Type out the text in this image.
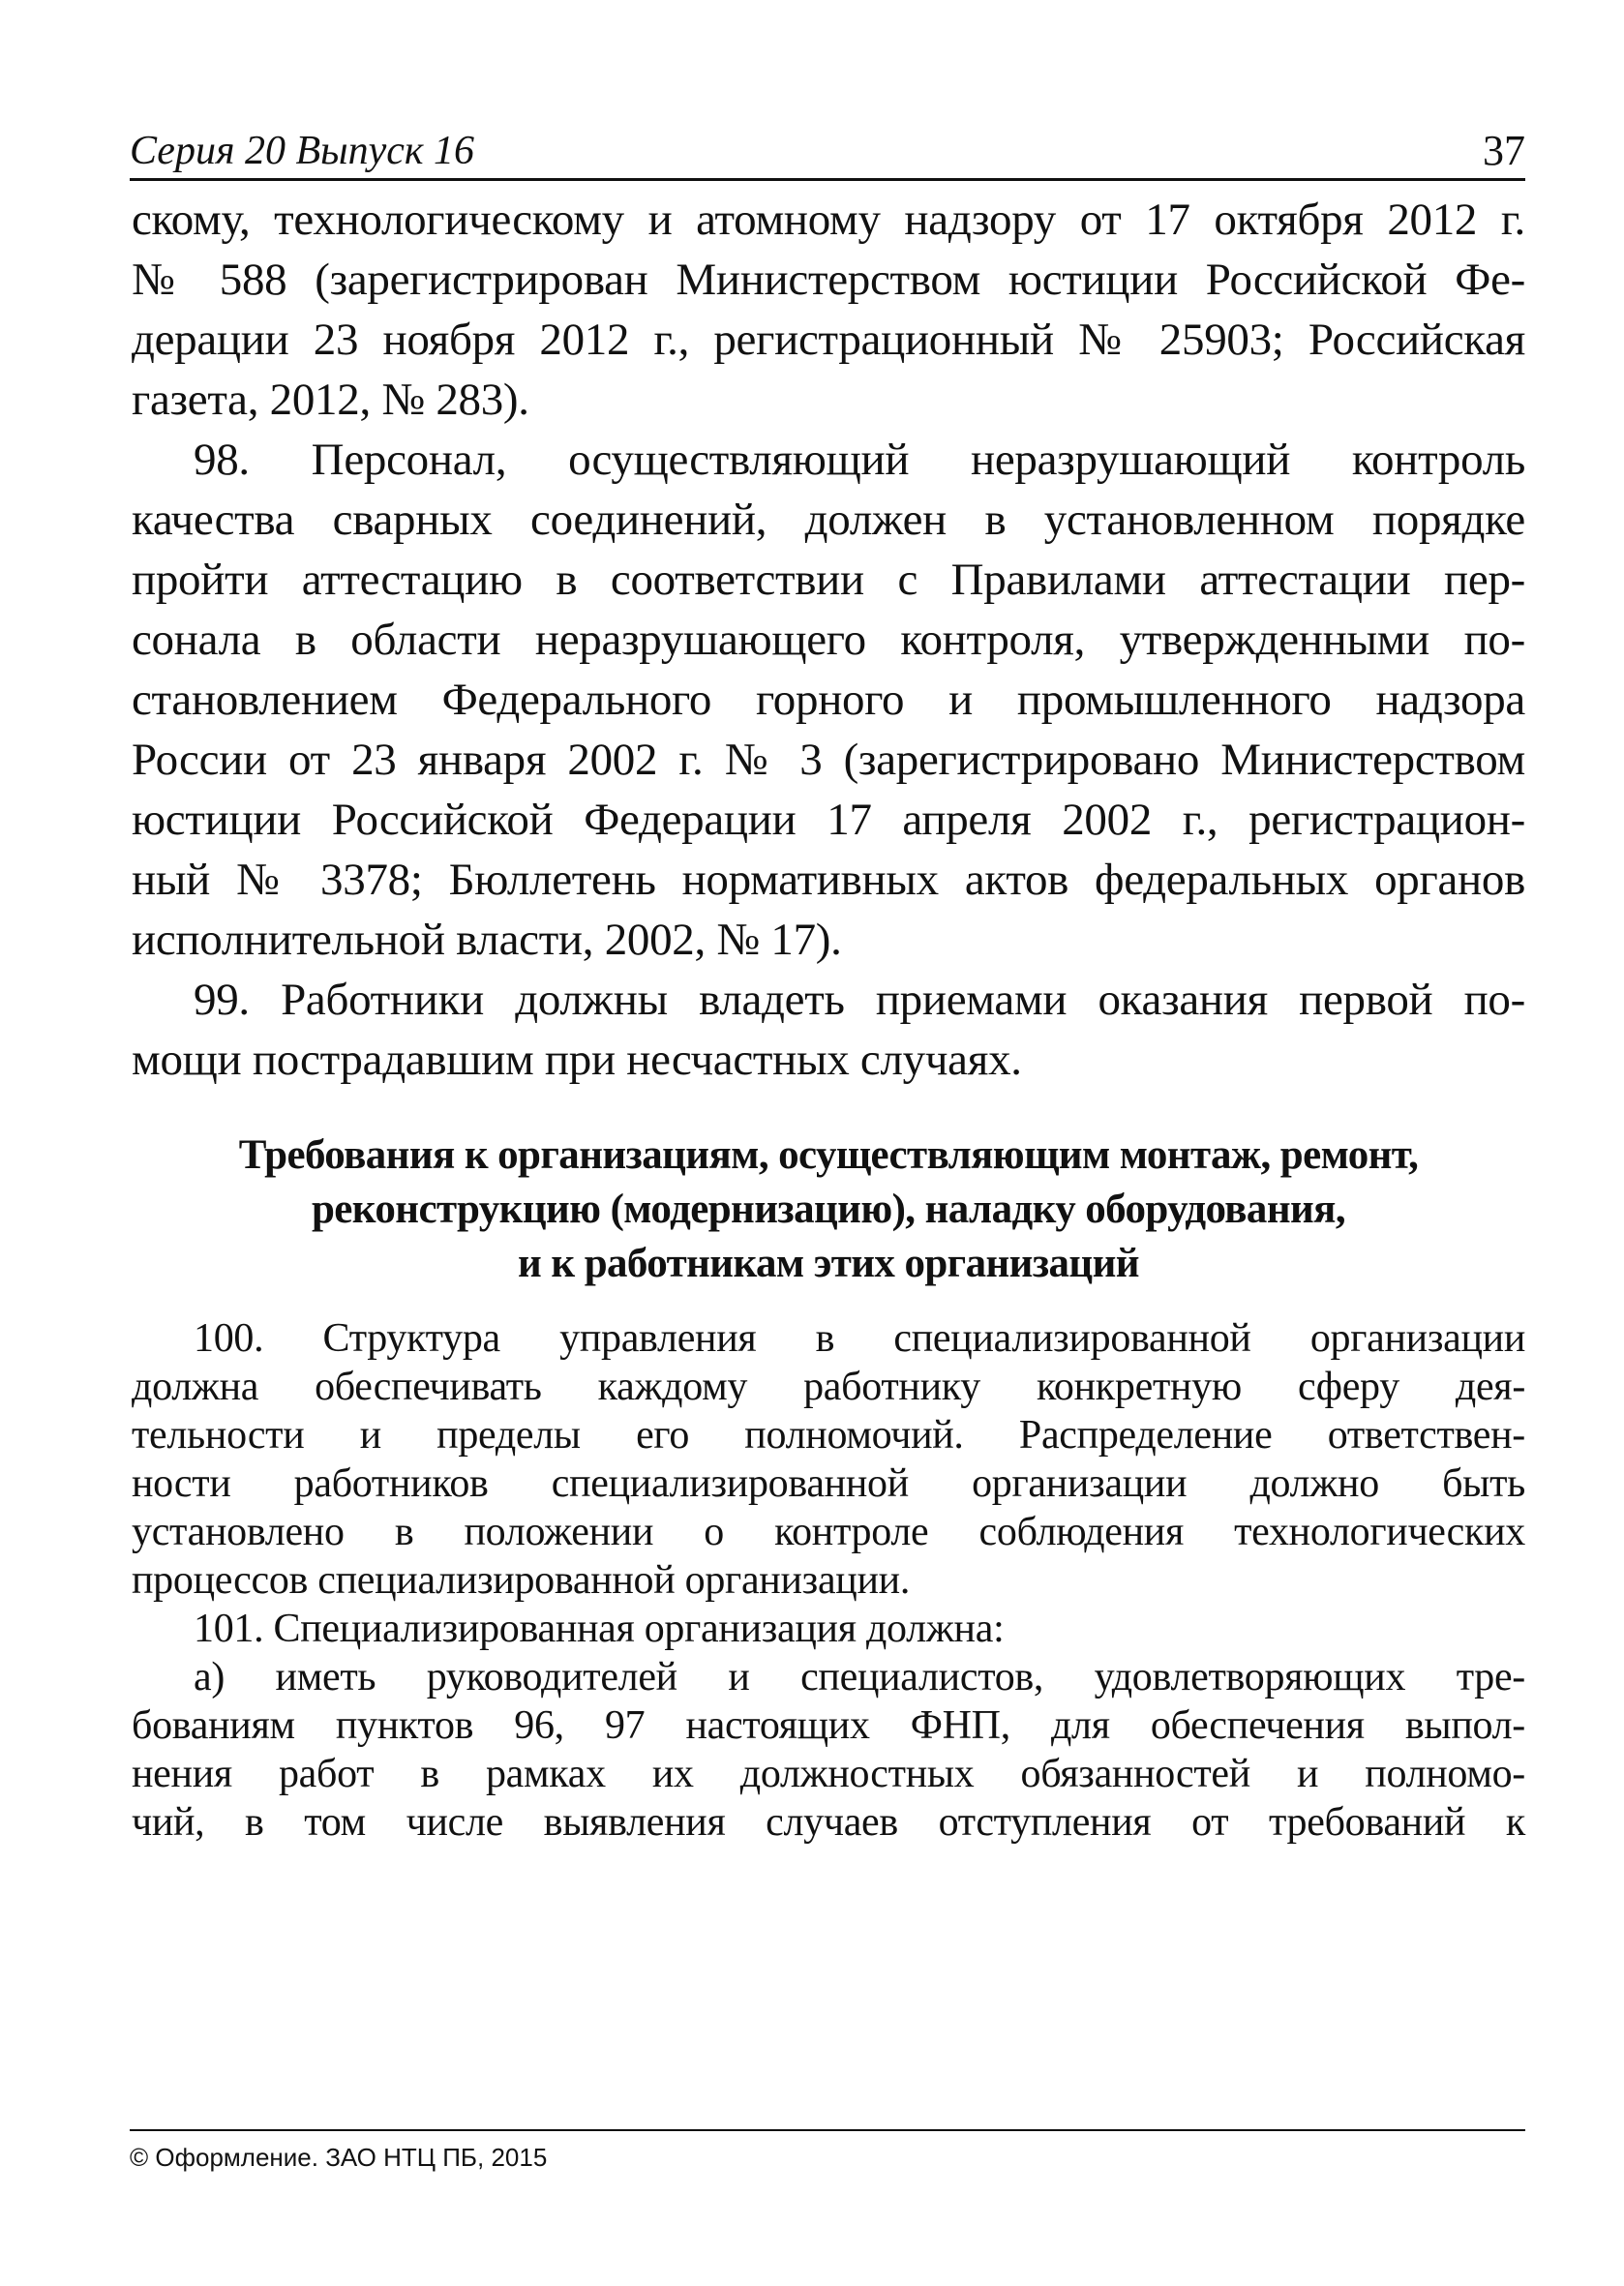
Серия 20 Выпуск 16	37
скому, технологическому и атомному надзору от 17 октября 2012 г.
№ 588 (зарегистрирован Министерством юстиции Российской Фе-
дерации 23 ноября 2012 г., регистрационный № 25903; Российская
газета, 2012, № 283).
98. Персонал, осуществляющий неразрушающий контроль
качества сварных соединений, должен в установленном порядке
пройти аттестацию в соответствии с Правилами аттестации пер-
сонала в области неразрушающего контроля, утвержденными по-
становлением Федерального горного и промышленного надзора
России от 23 января 2002 г. № 3 (зарегистрировано Министерством
юстиции Российской Федерации 17 апреля 2002 г., регистрацион-
ный № 3378; Бюллетень нормативных актов федеральных органов
исполнительной власти, 2002, № 17).
99. Работники должны владеть приемами оказания первой по-
мощи пострадавшим при несчастных случаях.
Требования к организациям, осуществляющим монтаж, ремонт,
реконструкцию (модернизацию), наладку оборудования,
и к работникам этих организаций
100. Структура управления в специализированной организации
должна обеспечивать каждому работнику конкретную сферу дея-
тельности и пределы его полномочий. Распределение ответствен-
ности работников специализированной организации должно быть
установлено в положении о контроле соблюдения технологических
процессов специализированной организации.
101. Специализированная организация должна:
а) иметь руководителей и специалистов, удовлетворяющих тре-
бованиям пунктов 96, 97 настоящих ФНП, для обеспечения выпол-
нения работ в рамках их должностных обязанностей и полномо-
чий, в том числе выявления случаев отступления от требований к
© Оформление. ЗАО НТЦ ПБ, 2015
